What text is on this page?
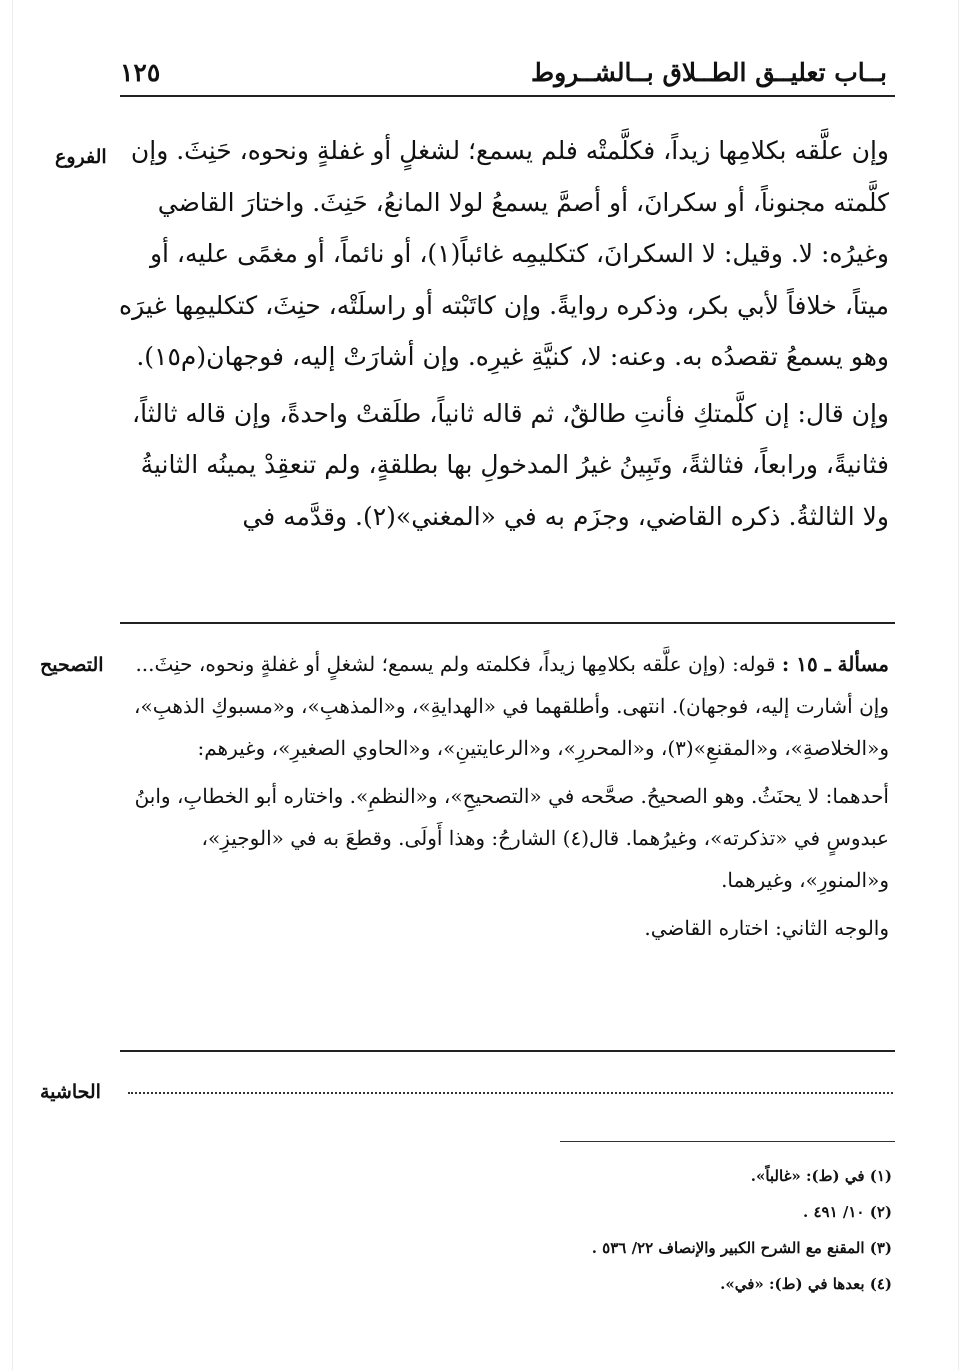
بــاب تعليــق الطــلاق بــالشــروط
١٢٥
الفروع
التصحيح
الحاشية

وإن علَّقه بكلامِها زيداً، فكلَّمتْه فلم يسمع؛ لشغلٍ أو غفلةٍ ونحوه، حَنِثَ. وإن كلَّمته مجنوناً، أو سكرانَ، أو أصمَّ يسمعُ لولا المانعُ، حَنِثَ. واختارَ القاضي وغيرُه: لا. وقيل: لا السكرانَ، كتكليمِه غائباً(١)، أو نائماً، أو مغمًى عليه، أو ميتاً، خلافاً لأبي بكر، وذكره روايةً. وإن كاتَبْته أو راسلَتْه، حنِثَ، كتكليمِها غيرَه وهو يسمعُ تقصدُه به. وعنه: لا، كنيَّةِ غيرِه. وإن أشارَتْ إليه، فوجهان(م١٥).

وإن قال: إن كلَّمتكِ فأنتِ طالقٌ، ثم قاله ثانياً، طلَقتْ واحدةً، وإن قاله ثالثاً، فثانيةً، ورابعاً، فثالثةً، وتَبِينُ غيرُ المدخولِ بها بطلقةٍ، ولم تنعقِدْ يمينُه الثانيةُ ولا الثالثةُ. ذكره القاضي، وجزَم به في «المغني»(٢). وقدَّمه في

مسألة ـ ١٥ : قوله: (وإن علَّقه بكلامِها زيداً، فكلمته ولم يسمع؛ لشغلٍ أو غفلةٍ ونحوه، حنِثَ... وإن أشارت إليه، فوجهان). انتهى. وأطلقهما في «الهدايةِ»، و«المذهبِ»، و«مسبوكِ الذهبِ»، و«الخلاصةِ»، و«المقنعِ»(٣)، و«المحررِ»، و«الرعايتينِ»، و«الحاوي الصغيرِ»، وغيرهم:

أحدهما: لا يحنَثُ. وهو الصحيحُ. صحَّحه في «التصحيحِ»، و«النظمِ». واختاره أبو الخطابِ، وابنُ عبدوسٍ في «تذكرته»، وغيرُهما. قال(٤) الشارحُ: وهذا أَولَى. وقطعَ به في «الوجيزِ»، و«المنورِ»، وغيرهما.

والوجه الثاني: اختاره القاضي.

(١) في (ط): «غالباً».
(٢) ١٠/ ٤٩١ .
(٣) المقنع مع الشرح الكبير والإنصاف ٢٢/ ٥٣٦ .
(٤) بعدها في (ط): «في».
